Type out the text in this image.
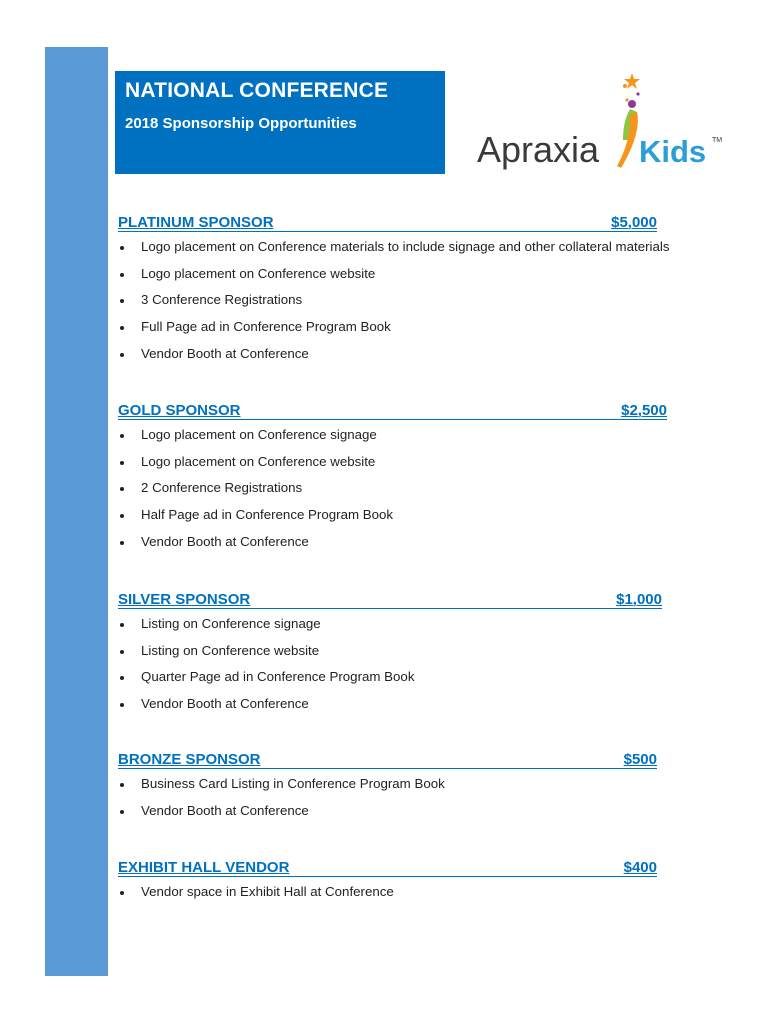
NATIONAL CONFERENCE
2018 Sponsorship Opportunities
Apraxia Kids TM
PLATINUM SPONSOR	$5,000
Logo placement on Conference materials to include signage and other collateral materials
Logo placement on Conference website
3 Conference Registrations
Full Page ad in Conference Program Book
Vendor Booth at Conference
GOLD SPONSOR	$2,500
Logo placement on Conference signage
Logo placement on Conference website
2 Conference Registrations
Half Page ad in Conference Program Book
Vendor Booth at Conference
SILVER SPONSOR	$1,000
Listing on Conference signage
Listing on Conference website
Quarter Page ad in Conference Program Book
Vendor Booth at Conference
BRONZE SPONSOR	$500
Business Card Listing in Conference Program Book
Vendor Booth at Conference
EXHIBIT HALL VENDOR	$400
Vendor space in Exhibit Hall at Conference
